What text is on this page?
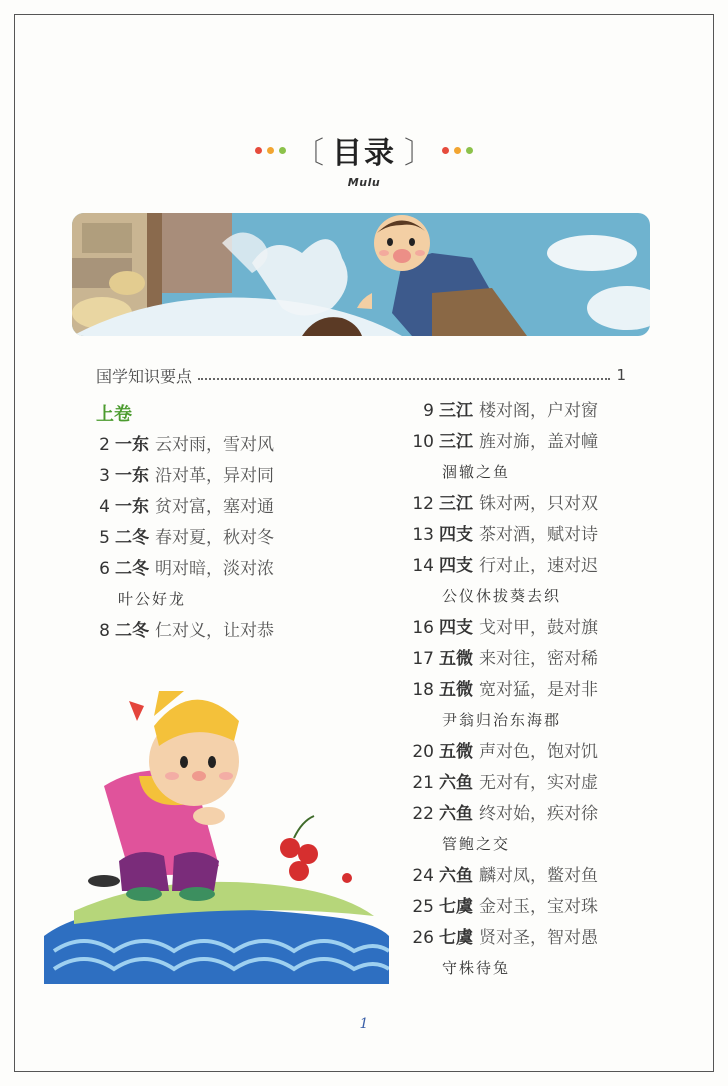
〔 目录 〕
Mulu
国学知识要点	1
上卷
2 一东 云对雨，雪对风
3 一东 沿对革，异对同
4 一东 贫对富，塞对通
5 二冬 春对夏，秋对冬
6 二冬 明对暗，淡对浓
叶公好龙
8 二冬 仁对义，让对恭
9 三江 楼对阁，户对窗
10 三江 旌对旆，盖对幢
涸辙之鱼
12 三江 铢对两，只对双
13 四支 茶对酒，赋对诗
14 四支 行对止，速对迟
公仪休拔葵去织
16 四支 戈对甲，鼓对旗
17 五微 来对往，密对稀
18 五微 宽对猛，是对非
尹翁归治东海郡
20 五微 声对色，饱对饥
21 六鱼 无对有，实对虚
22 六鱼 终对始，疾对徐
管鲍之交
24 六鱼 麟对凤，鳖对鱼
25 七虞 金对玉，宝对珠
26 七虞 贤对圣，智对愚
守株待兔
1
